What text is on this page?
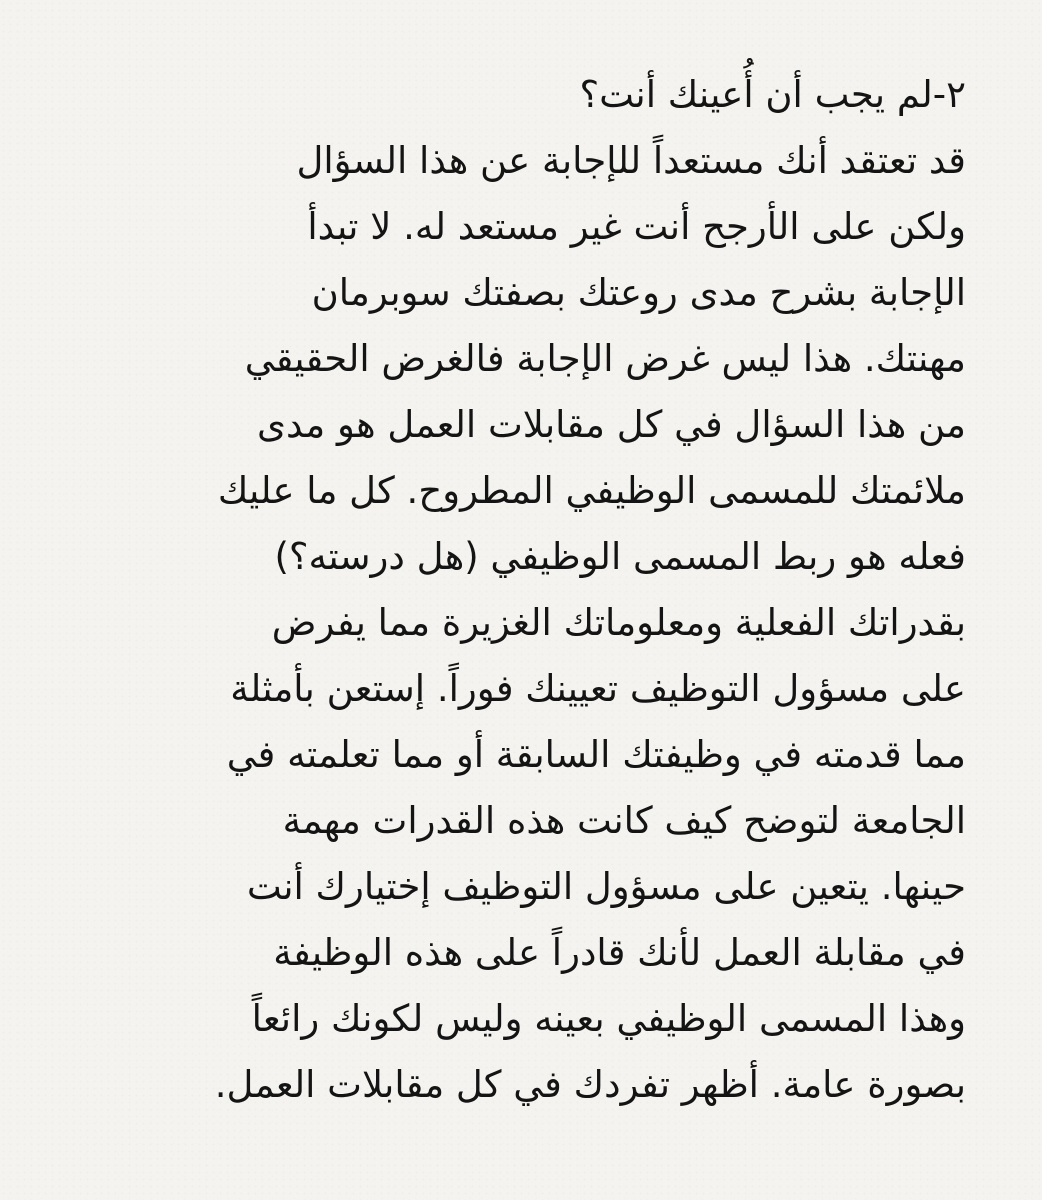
٢-لم يجب أن أُعينك أنت؟
قد تعتقد أنك مستعداً للإجابة عن هذا السؤال
ولكن على الأرجح أنت غير مستعد له. لا تبدأ
الإجابة بشرح مدى روعتك بصفتك سوبرمان
مهنتك. هذا ليس غرض الإجابة فالغرض الحقيقي
من هذا السؤال في كل مقابلات العمل هو مدى
ملائمتك للمسمى الوظيفي المطروح. كل ما عليك
فعله هو ربط المسمى الوظيفي (هل درسته؟)
بقدراتك الفعلية ومعلوماتك الغزيرة مما يفرض
على مسؤول التوظيف تعيينك فوراً. إستعن بأمثلة
مما قدمته في وظيفتك السابقة أو مما تعلمته في
الجامعة لتوضح كيف كانت هذه القدرات مهمة
حينها. يتعين على مسؤول التوظيف إختيارك أنت
في مقابلة العمل لأنك قادراً على هذه الوظيفة
وهذا المسمى الوظيفي بعينه وليس لكونك رائعاً
بصورة عامة. أظهر تفردك في كل مقابلات العمل.
